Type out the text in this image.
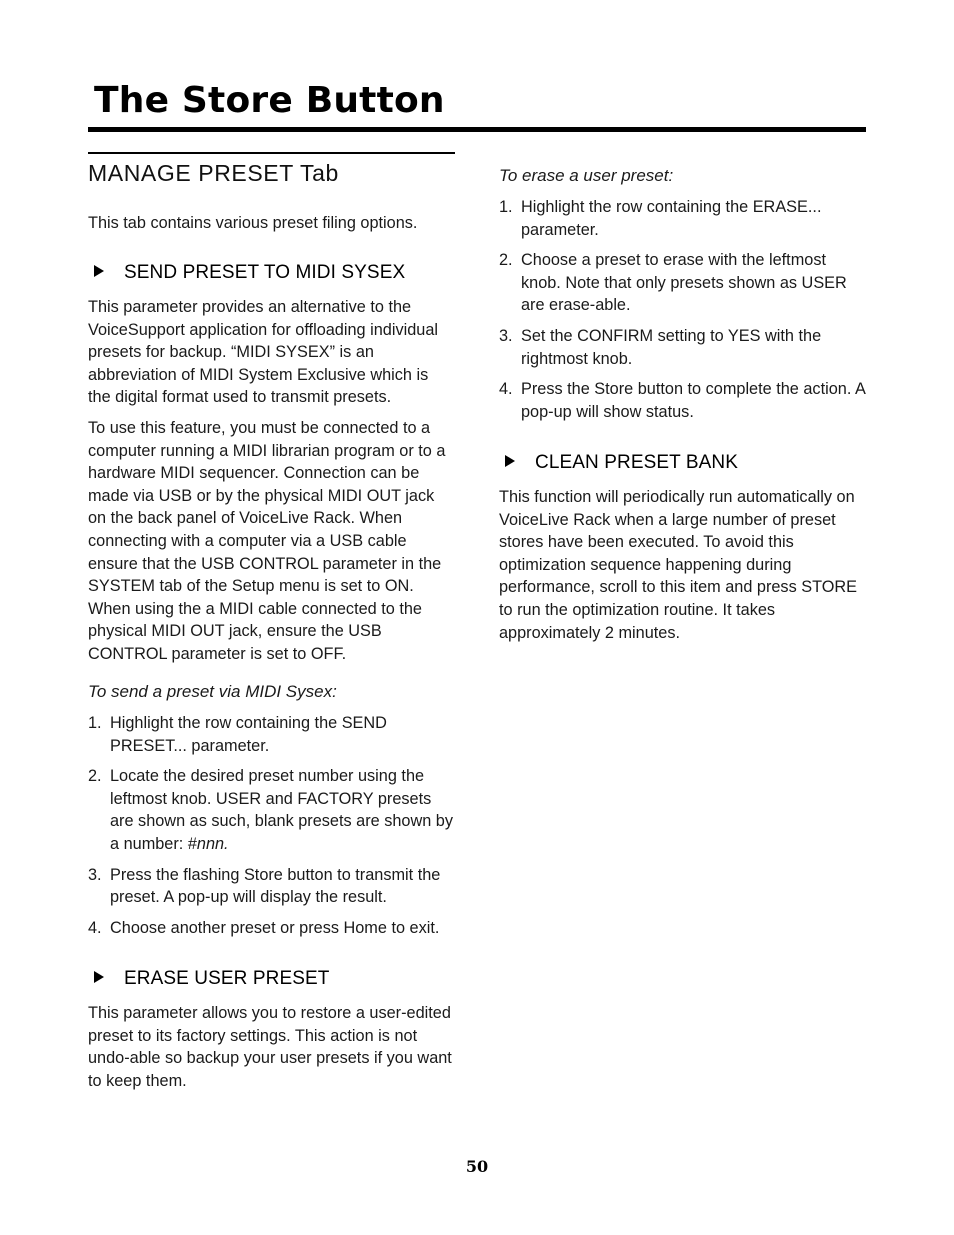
The Store Button
MANAGE PRESET Tab

This tab contains various preset filing options.

SEND PRESET TO MIDI SYSEX

This parameter provides an alternative to the VoiceSupport application for offloading individual presets for backup. “MIDI SYSEX” is an abbreviation of MIDI System Exclusive which is the digital format used to transmit presets.

To use this feature, you must be connected to a computer running a MIDI librarian program or to a hardware MIDI sequencer. Connection can be made via USB or by the physical MIDI OUT jack on the back panel of VoiceLive Rack. When connecting with a computer via a USB cable ensure that the USB CONTROL parameter in the SYSTEM tab of the Setup menu is set to ON. When using the a MIDI cable connected to the physical MIDI OUT jack, ensure the USB CONTROL parameter is set to OFF.

To send a preset via MIDI Sysex:

1. Highlight the row containing the SEND PRESET... parameter.
2. Locate the desired preset number using the leftmost knob. USER and FACTORY presets are shown as such, blank presets are shown by a number: #nnn.
3. Press the flashing Store button to transmit the preset. A pop-up will display the result.
4. Choose another preset or press Home to exit.
ERASE USER PRESET

This parameter allows you to restore a user-edited preset to its factory settings. This action is not undo-able so backup your user presets if you want to keep them.

To erase a user preset:

1. Highlight the row containing the ERASE... parameter.
2. Choose a preset to erase with the leftmost knob. Note that only presets shown as USER are erase-able.
3. Set the CONFIRM setting to YES with the rightmost knob.
4. Press the Store button to complete the action. A pop-up will show status.
CLEAN PRESET BANK

This function will periodically run automatically on VoiceLive Rack when a large number of preset stores have been executed. To avoid this optimization sequence happening during performance, scroll to this item and press STORE to run the optimization routine. It takes approximately 2 minutes.

50
